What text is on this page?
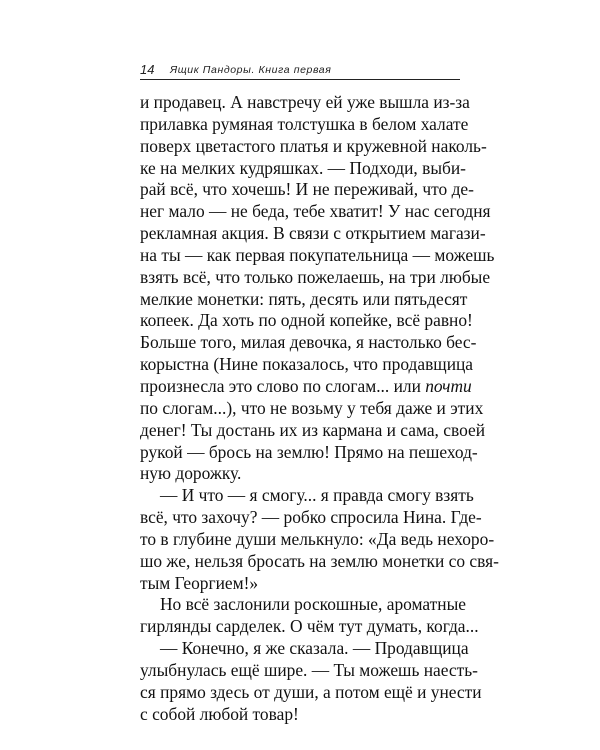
14 Ящик Пандоры. Книга первая
и продавец. А навстречу ей уже вышла из-за
прилавка румяная толстушка в белом халате
поверх цветастого платья и кружевной наколь-
ке на мелких кудряшках. — Подходи, выби-
рай всё, что хочешь! И не переживай, что де-
нег мало — не беда, тебе хватит! У нас сегодня
рекламная акция. В связи с открытием магази-
на ты — как первая покупательница — можешь
взять всё, что только пожелаешь, на три любые
мелкие монетки: пять, десять или пятьдесят
копеек. Да хоть по одной копейке, всё равно!
Больше того, милая девочка, я настолько бес-
корыстна (Нине показалось, что продавщица
произнесла это слово по слогам... или почти
по слогам...), что не возьму у тебя даже и этих
денег! Ты достань их из кармана и сама, своей
рукой — брось на землю! Прямо на пешеход-
ную дорожку.
— И что — я смогу... я правда смогу взять
всё, что захочу? — робко спросила Нина. Где-
то в глубине души мелькнуло: «Да ведь нехоро-
шо же, нельзя бросать на землю монетки со свя-
тым Георгием!»
Но всё заслонили роскошные, ароматные
гирлянды сарделек. О чём тут думать, когда...
— Конечно, я же сказала. — Продавщица
улыбнулась ещё шире. — Ты можешь наесть-
ся прямо здесь от души, а потом ещё и унести
с собой любой товар!
